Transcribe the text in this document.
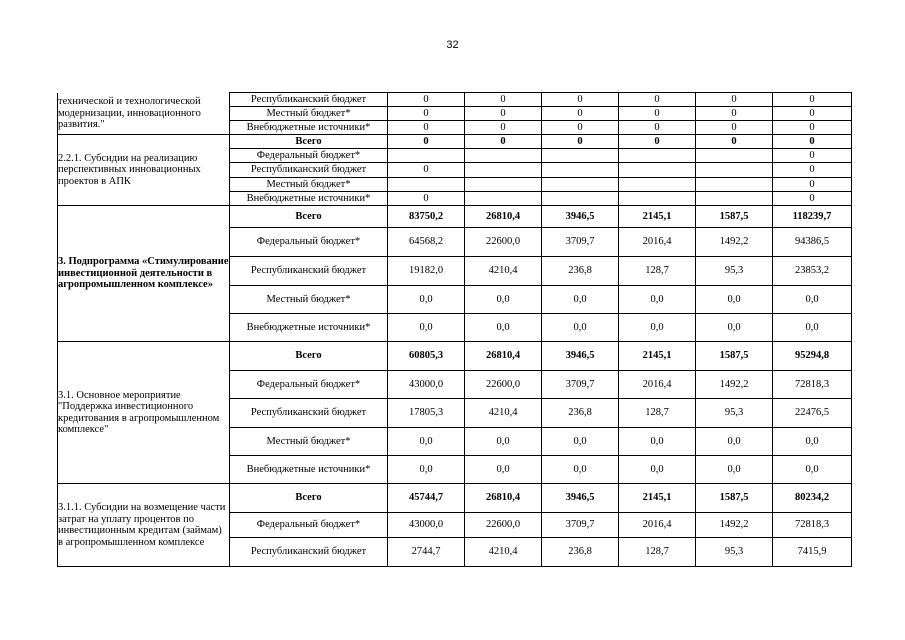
32
технической и технологической модернизации, инновационного развития."	Республиканский бюджет	0	0	0	0	0	0
	Местный бюджет*	0	0	0	0	0	0
	Внебюджетные источники*	0	0	0	0	0	0
2.2.1. Субсидии на реализацию перспективных инновационных проектов в АПК	Всего	0	0	0	0	0	0
	Федеральный бюджет*						0
	Республиканский бюджет	0					0
	Местный бюджет*						0
	Внебюджетные источники*	0					0
3. Подпрограмма «Стимулирование инвестиционной деятельности в агропромышленном комплексе»	Всего	83750,2	26810,4	3946,5	2145,1	1587,5	118239,7
	Федеральный бюджет*	64568,2	22600,0	3709,7	2016,4	1492,2	94386,5
	Республиканский бюджет	19182,0	4210,4	236,8	128,7	95,3	23853,2
	Местный бюджет*	0,0	0,0	0,0	0,0	0,0	0,0
	Внебюджетные источники*	0,0	0,0	0,0	0,0	0,0	0,0
3.1. Основное мероприятие "Поддержка инвестиционного кредитования в агропромышленном комплексе"	Всего	60805,3	26810,4	3946,5	2145,1	1587,5	95294,8
	Федеральный бюджет*	43000,0	22600,0	3709,7	2016,4	1492,2	72818,3
	Республиканский бюджет	17805,3	4210,4	236,8	128,7	95,3	22476,5
	Местный бюджет*	0,0	0,0	0,0	0,0	0,0	0,0
	Внебюджетные источники*	0,0	0,0	0,0	0,0	0,0	0,0
3.1.1. Субсидии на возмещение части затрат на уплату процентов по инвестиционным кредитам (займам) в агропромышленном комплексе	Всего	45744,7	26810,4	3946,5	2145,1	1587,5	80234,2
	Федеральный бюджет*	43000,0	22600,0	3709,7	2016,4	1492,2	72818,3
	Республиканский бюджет	2744,7	4210,4	236,8	128,7	95,3	7415,9
